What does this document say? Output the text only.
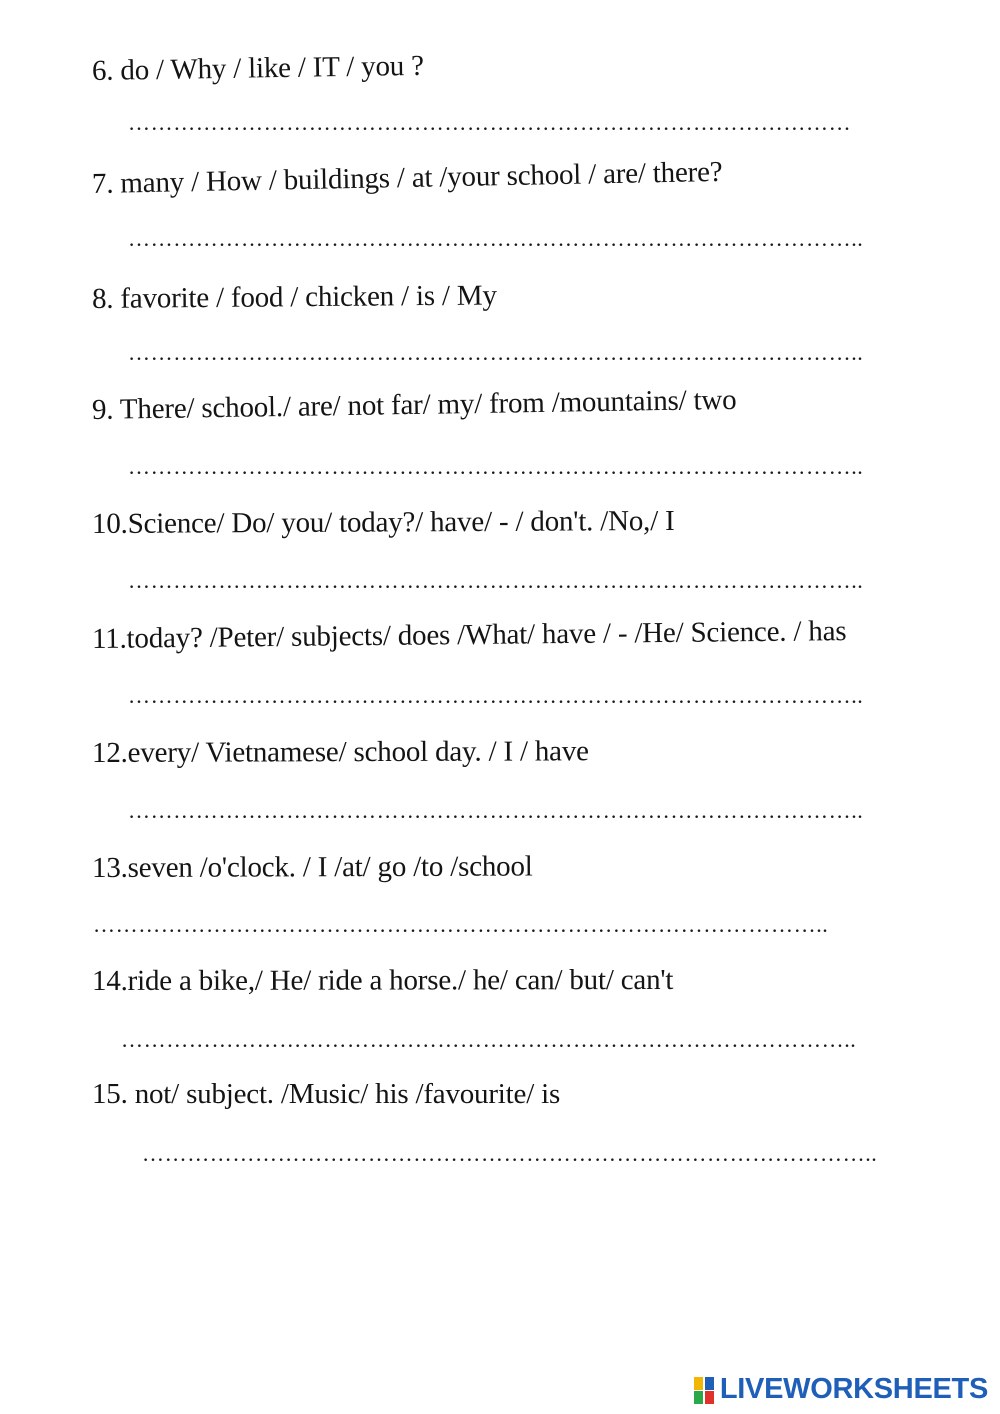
6. do / Why / like / IT / you ?
……………………………………………………………………………………
7. many / How / buildings / at /your school / are/ there?
……………………………………………………………………………………..
8. favorite / food / chicken / is / My
……………………………………………………………………………………..
9. There/ school./ are/ not far/ my/ from /mountains/ two
……………………………………………………………………………………..
10.Science/ Do/ you/ today?/ have/ - / don't. /No,/ I
……………………………………………………………………………………..
11.today? /Peter/ subjects/ does /What/ have / - /He/ Science. / has
……………………………………………………………………………………..
12.every/ Vietnamese/ school day. / I / have
……………………………………………………………………………………..
13.seven /o'clock. / I /at/ go /to /school
……………………………………………………………………………………..
14.ride a bike,/ He/ ride a horse./ he/ can/ but/ can't
……………………………………………………………………………………..
15. not/ subject. /Music/ his /favourite/ is
……………………………………………………………………………………..
LIVEWORKSHEETS
